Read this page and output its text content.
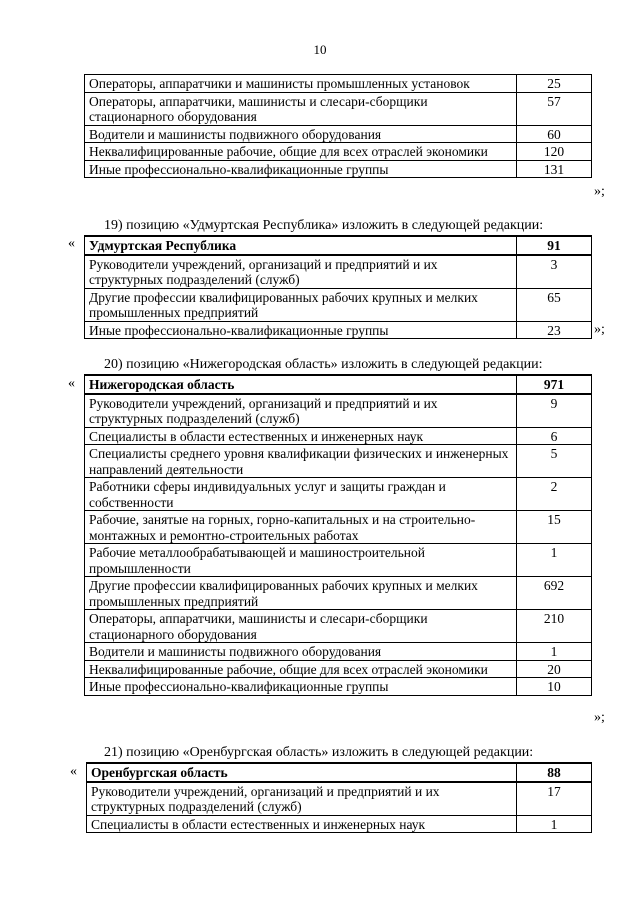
10
Операторы, аппаратчики и машинисты промышленных установок	25
Операторы, аппаратчики, машинисты и слесари-сборщики стационарного оборудования	57
Водители и машинисты подвижного оборудования	60
Неквалифицированные рабочие, общие для всех отраслей экономики	120
Иные профессионально-квалификационные группы	131
»;
19) позицию «Удмуртская Республика» изложить в следующей редакции:
« Удмуртская Республика	91
Руководители учреждений, организаций и предприятий и их структурных подразделений (служб)	3
Другие профессии квалифицированных рабочих крупных и мелких промышленных предприятий	65
Иные профессионально-квалификационные группы	23 »;
20) позицию «Нижегородская область» изложить в следующей редакции:
« Нижегородская область	971
Руководители учреждений, организаций и предприятий и их структурных подразделений (служб)	9
Специалисты в области естественных и инженерных наук	6
Специалисты среднего уровня квалификации физических и инженерных направлений деятельности	5
Работники сферы индивидуальных услуг и защиты граждан и собственности	2
Рабочие, занятые на горных, горно-капитальных и на строительно-монтажных и ремонтно-строительных работах	15
Рабочие металлообрабатывающей и машиностроительной промышленности	1
Другие профессии квалифицированных рабочих крупных и мелких промышленных предприятий	692
Операторы, аппаратчики, машинисты и слесари-сборщики стационарного оборудования	210
Водители и машинисты подвижного оборудования	1
Неквалифицированные рабочие, общие для всех отраслей экономики	20
Иные профессионально-квалификационные группы	10
»;
21) позицию «Оренбургская область» изложить в следующей редакции:
« Оренбургская область	88
Руководители учреждений, организаций и предприятий и их структурных подразделений (служб)	17
Специалисты в области естественных и инженерных наук	1
